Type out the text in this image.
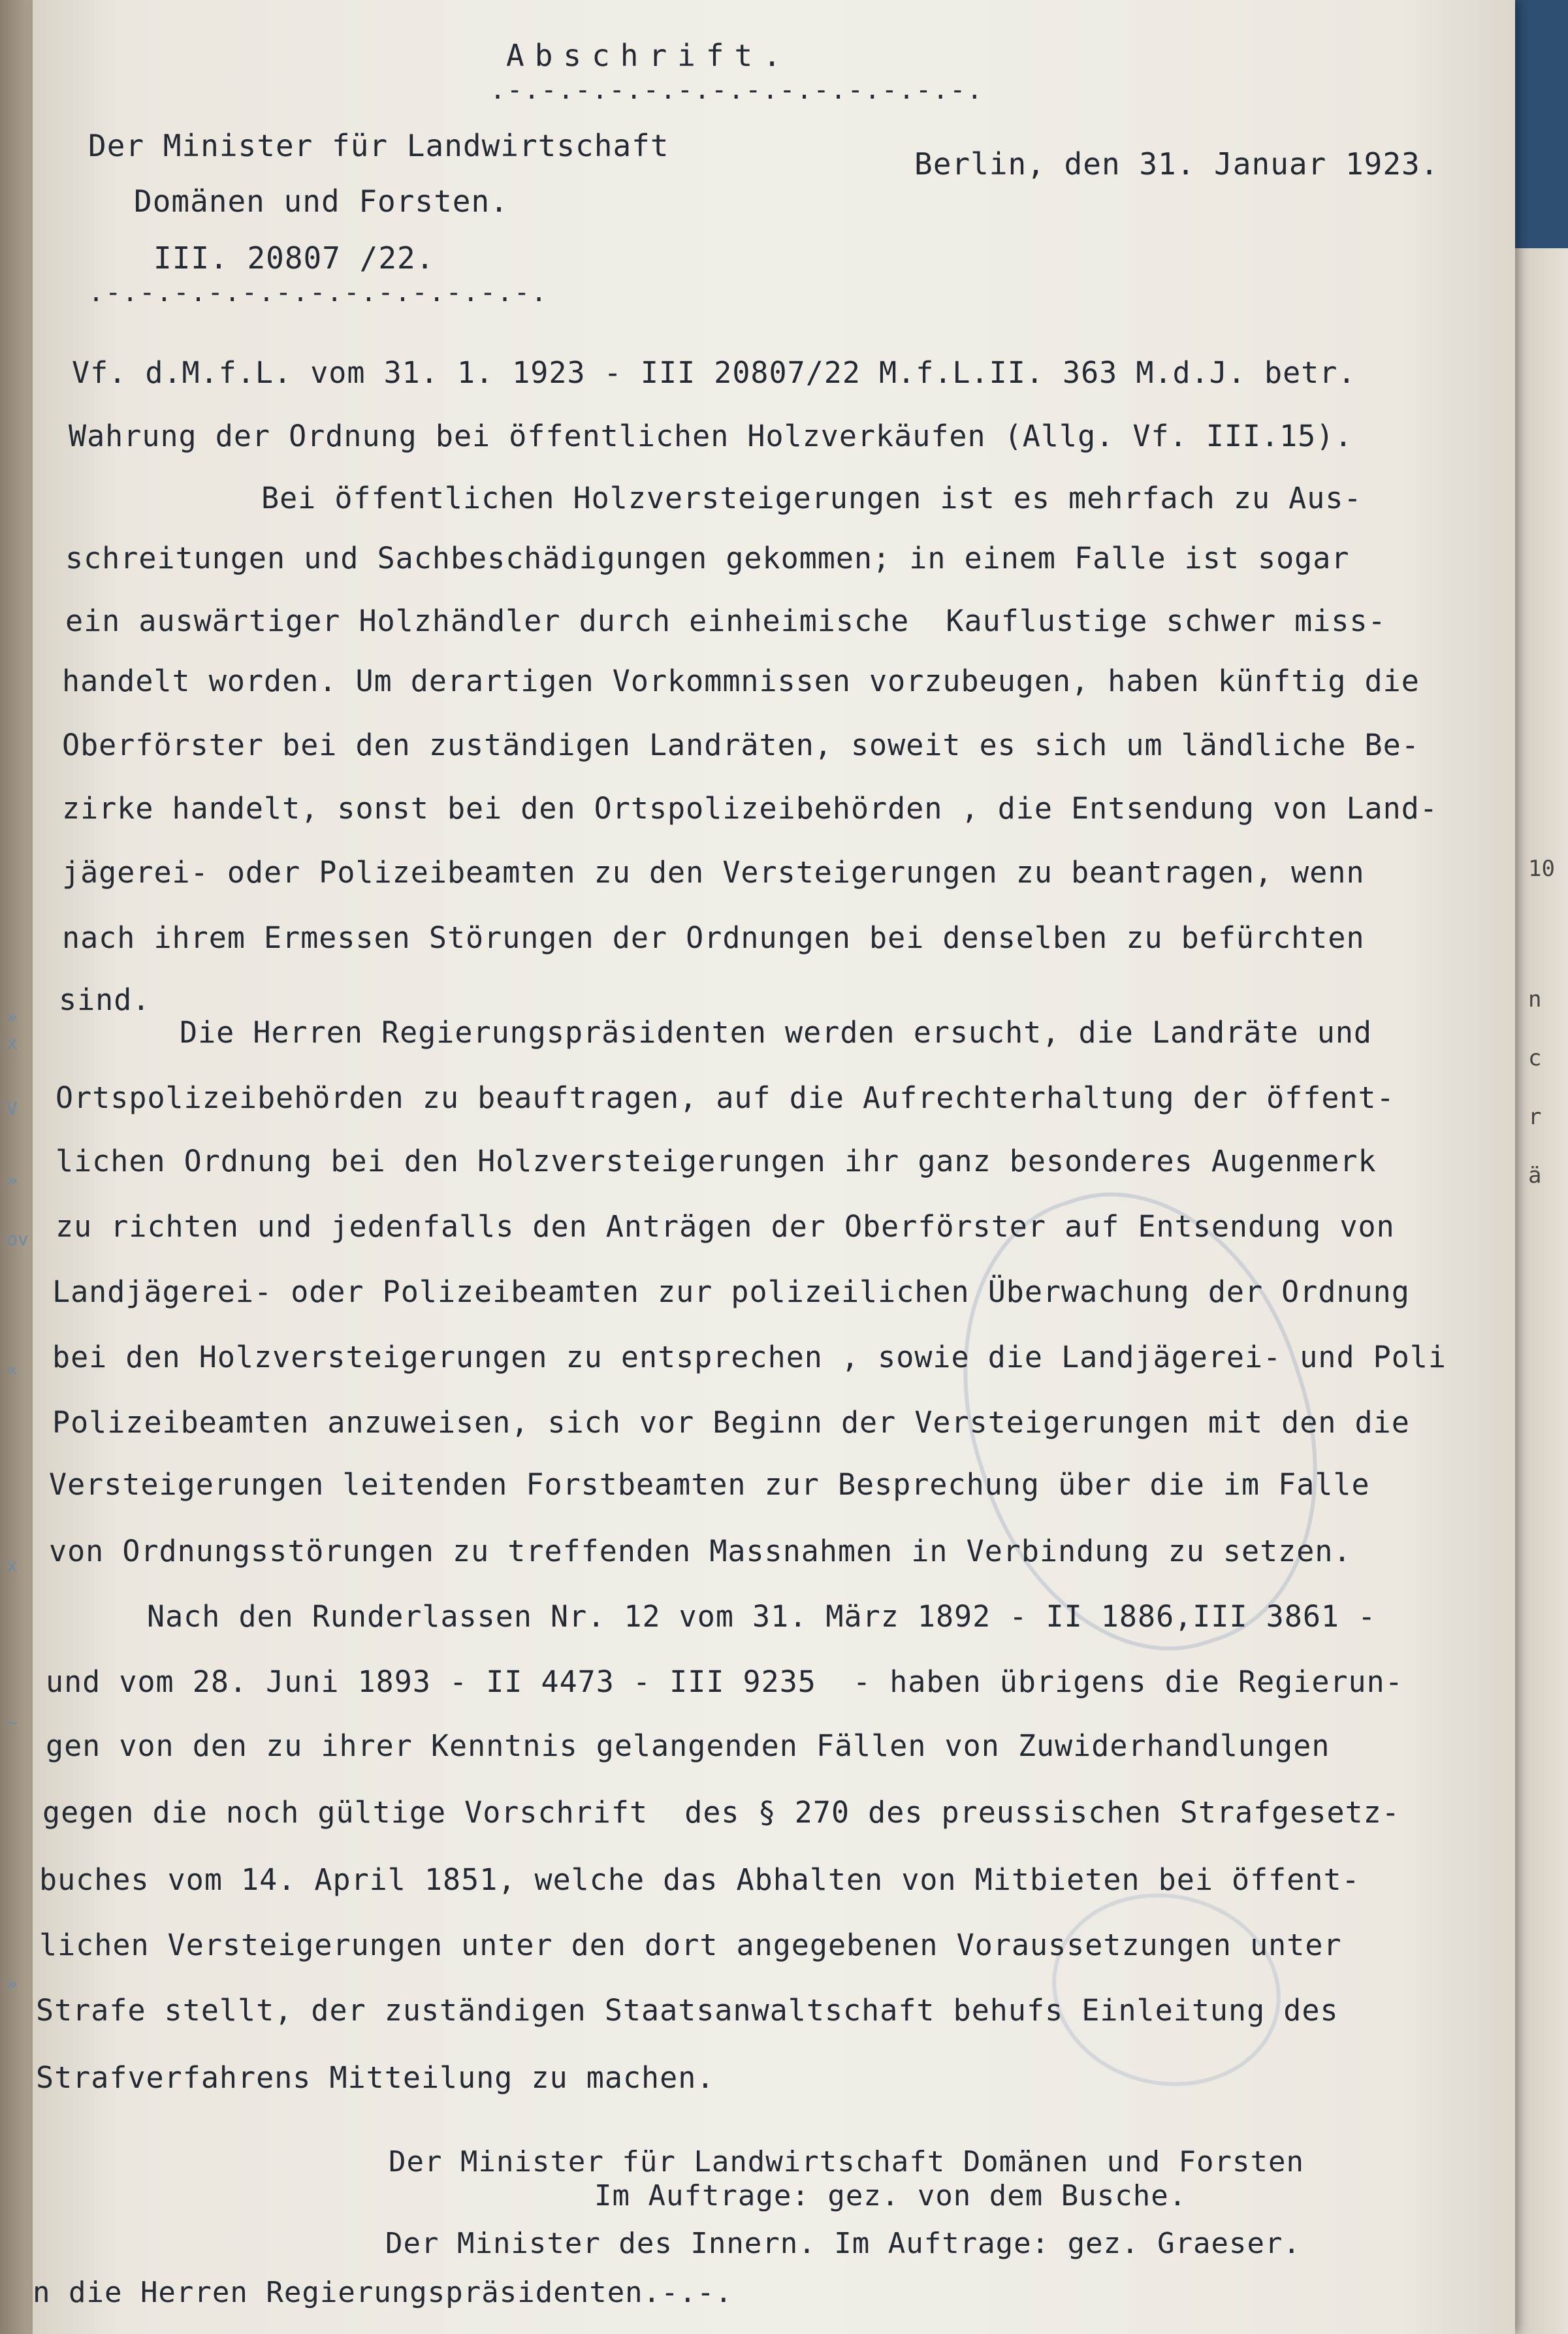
»
x
V
»
ov
«
x
~
»
10
n
c
r
ä
Abschrift.
.-.-.-.-.-.-.-.-.-.-.-.-.-.-.
Der Minister für Landwirtschaft
Domänen und Forsten.
III. 20807 /22.
.-.-.-.-.-.-.-.-.-.-.-.-.-.
Berlin, den 31. Januar 1923.
Vf. d.M.f.L. vom 31. 1. 1923 - III 20807/22 M.f.L.II. 363 M.d.J. betr.
Wahrung der Ordnung bei öffentlichen Holzverkäufen (Allg. Vf. III.15).
Bei öffentlichen Holzversteigerungen ist es mehrfach zu Aus-
schreitungen und Sachbeschädigungen gekommen; in einem Falle ist sogar
ein auswärtiger Holzhändler durch einheimische  Kauflustige schwer miss-
handelt worden. Um derartigen Vorkommnissen vorzubeugen, haben künftig die
Oberförster bei den zuständigen Landräten, soweit es sich um ländliche Be-
zirke handelt, sonst bei den Ortspolizeibehörden , die Entsendung von Land-
jägerei- oder Polizeibeamten zu den Versteigerungen zu beantragen, wenn
nach ihrem Ermessen Störungen der Ordnungen bei denselben zu befürchten
sind.
Die Herren Regierungspräsidenten werden ersucht, die Landräte und
Ortspolizeibehörden zu beauftragen, auf die Aufrechterhaltung der öffent-
lichen Ordnung bei den Holzversteigerungen ihr ganz besonderes Augenmerk
zu richten und jedenfalls den Anträgen der Oberförster auf Entsendung von
Landjägerei- oder Polizeibeamten zur polizeilichen Überwachung der Ordnung
bei den Holzversteigerungen zu entsprechen , sowie die Landjägerei- und Poli
Polizeibeamten anzuweisen, sich vor Beginn der Versteigerungen mit den die
Versteigerungen leitenden Forstbeamten zur Besprechung über die im Falle
von Ordnungsstörungen zu treffenden Massnahmen in Verbindung zu setzen.
Nach den Runderlassen Nr. 12 vom 31. März 1892 - II 1886,III 3861 -
und vom 28. Juni 1893 - II 4473 - III 9235  - haben übrigens die Regierun-
gen von den zu ihrer Kenntnis gelangenden Fällen von Zuwiderhandlungen
gegen die noch gültige Vorschrift  des § 270 des preussischen Strafgesetz-
buches vom 14. April 1851, welche das Abhalten von Mitbieten bei öffent-
lichen Versteigerungen unter den dort angegebenen Voraussetzungen unter
Strafe stellt, der zuständigen Staatsanwaltschaft behufs Einleitung des
Strafverfahrens Mitteilung zu machen.
Der Minister für Landwirtschaft Domänen und Forsten
Im Auftrage: gez. von dem Busche.
Der Minister des Innern. Im Auftrage: gez. Graeser.
n die Herren Regierungspräsidenten.-.-.
